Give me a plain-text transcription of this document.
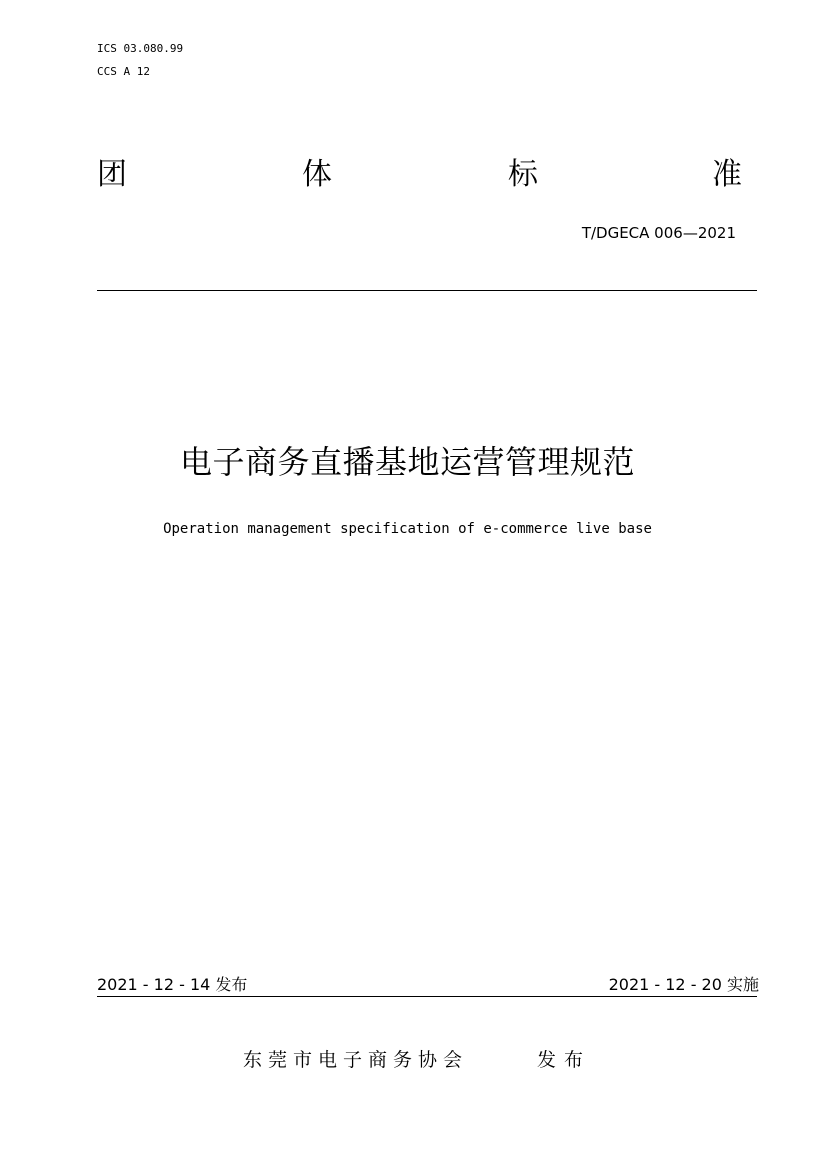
ICS 03.080.99
CCS A 12
团	体	标	准
T/DGECA 006—2021
电子商务直播基地运营管理规范
Operation management specification of e-commerce live base
2021 - 12 - 14 发布	2021 - 12 - 20 实施
东莞市电子商务协会	发布
